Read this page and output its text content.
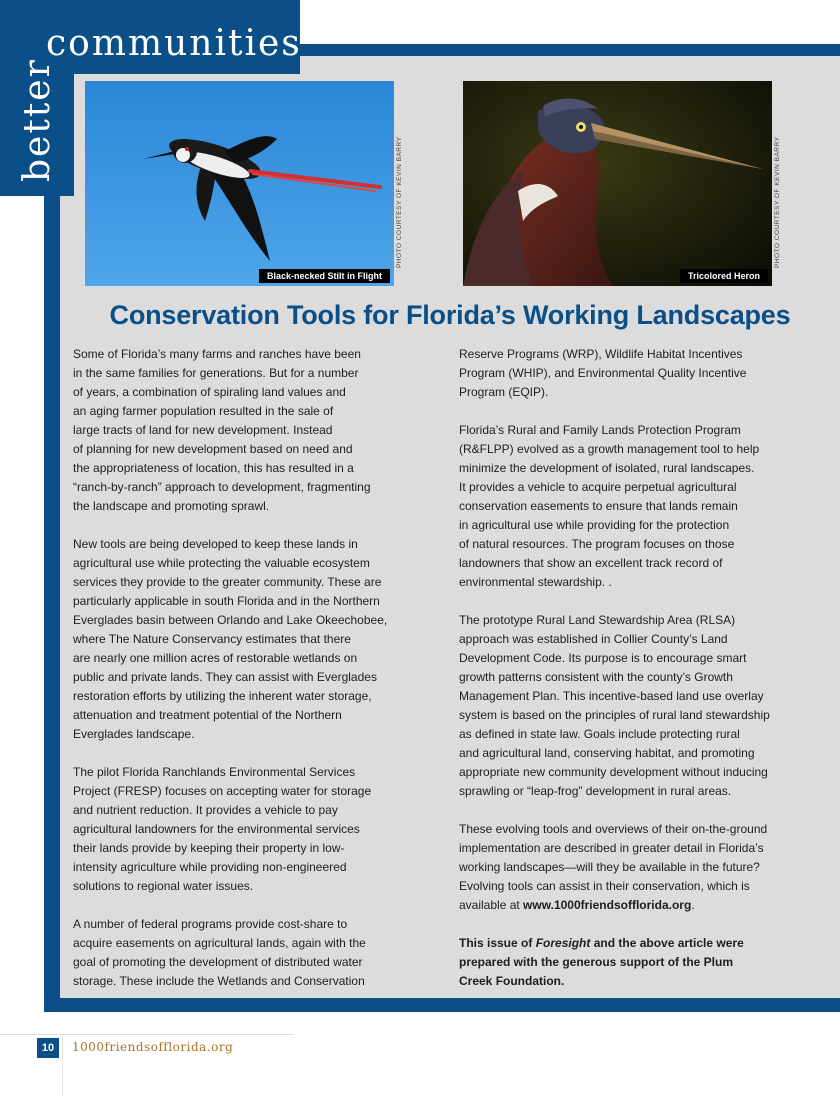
communities
better
Black-necked Stilt in Flight
PHOTO COURTESY OF KEVIN BARRY
Tricolored Heron
PHOTO COURTESY OF KEVIN BARRY
Conservation Tools for Florida’s Working Landscapes

Some of Florida’s many farms and ranches have been
in the same families for generations. But for a number
of years, a combination of spiraling land values and
an aging farmer population resulted in the sale of
large tracts of land for new development. Instead
of planning for new development based on need and
the appropriateness of location, this has resulted in a
“ranch-by-ranch” approach to development, fragmenting
the landscape and promoting sprawl.

New tools are being developed to keep these lands in
agricultural use while protecting the valuable ecosystem
services they provide to the greater community. These are
particularly applicable in south Florida and in the Northern
Everglades basin between Orlando and Lake Okeechobee,
where The Nature Conservancy estimates that there
are nearly one million acres of restorable wetlands on
public and private lands. They can assist with Everglades
restoration efforts by utilizing the inherent water storage,
attenuation and treatment potential of the Northern
Everglades landscape.

The pilot Florida Ranchlands Environmental Services
Project (FRESP) focuses on accepting water for storage
and nutrient reduction. It provides a vehicle to pay
agricultural landowners for the environmental services
their lands provide by keeping their property in low-
intensity agriculture while providing non-engineered
solutions to regional water issues.

A number of federal programs provide cost-share to
acquire easements on agricultural lands, again with the
goal of promoting the development of distributed water
storage. These include the Wetlands and Conservation

Reserve Programs (WRP), Wildlife Habitat Incentives
Program (WHIP), and Environmental Quality Incentive
Program (EQIP).

Florida’s Rural and Family Lands Protection Program
(R&FLPP) evolved as a growth management tool to help
minimize the development of isolated, rural landscapes.
It provides a vehicle to acquire perpetual agricultural
conservation easements to ensure that lands remain
in agricultural use while providing for the protection
of natural resources. The program focuses on those
landowners that show an excellent track record of
environmental stewardship. .

The prototype Rural Land Stewardship Area (RLSA)
approach was established in Collier County’s Land
Development Code. Its purpose is to encourage smart
growth patterns consistent with the county’s Growth
Management Plan. This incentive-based land use overlay
system is based on the principles of rural land stewardship
as defined in state law. Goals include protecting rural
and agricultural land, conserving habitat, and promoting
appropriate new community development without inducing
sprawling or “leap-frog” development in rural areas.

These evolving tools and overviews of their on-the-ground
implementation are described in greater detail in Florida’s
working landscapes—will they be available in the future?
Evolving tools can assist in their conservation, which is
available at www.1000friendsofflorida.org.

This issue of Foresight and the above article were
prepared with the generous support of the Plum
Creek Foundation.

10	1000friendsofflorida.org
